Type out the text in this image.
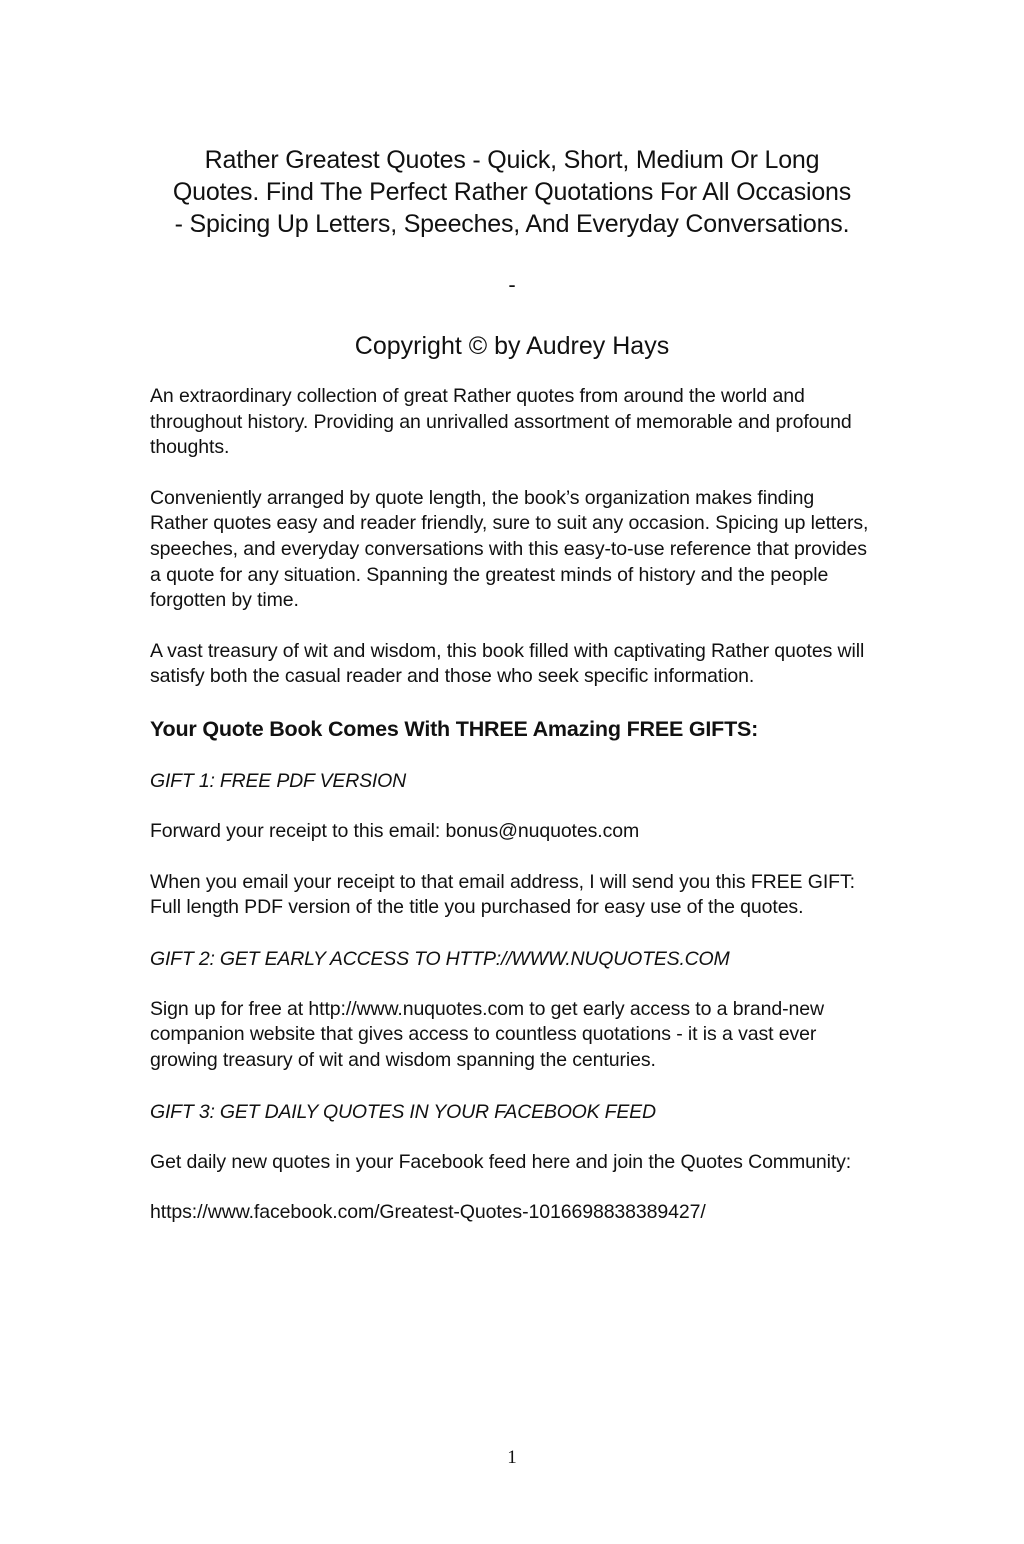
Rather Greatest Quotes - Quick, Short, Medium Or Long
Quotes. Find The Perfect Rather Quotations For All Occasions
- Spicing Up Letters, Speeches, And Everyday Conversations.
-
Copyright © by Audrey Hays

An extraordinary collection of great Rather quotes from around the world and throughout history. Providing an unrivalled assortment of memorable and profound thoughts.

Conveniently arranged by quote length, the book’s organization makes finding Rather quotes easy and reader friendly, sure to suit any occasion. Spicing up letters, speeches, and everyday conversations with this easy-to-use reference that provides a quote for any situation. Spanning the greatest minds of history and the people forgotten by time.

A vast treasury of wit and wisdom, this book filled with captivating Rather quotes will satisfy both the casual reader and those who seek specific information.

Your Quote Book Comes With THREE Amazing FREE GIFTS:

GIFT 1: FREE PDF VERSION

Forward your receipt to this email: bonus@nuquotes.com

When you email your receipt to that email address, I will send you this FREE GIFT: Full length PDF version of the title you purchased for easy use of the quotes.

GIFT 2: GET EARLY ACCESS TO HTTP://WWW.NUQUOTES.COM

Sign up for free at http://www.nuquotes.com to get early access to a brand-new companion website that gives access to countless quotations - it is a vast ever growing treasury of wit and wisdom spanning the centuries.

GIFT 3: GET DAILY QUOTES IN YOUR FACEBOOK FEED

Get daily new quotes in your Facebook feed here and join the Quotes Community:

https://www.facebook.com/Greatest-Quotes-1016698838389427/

1
